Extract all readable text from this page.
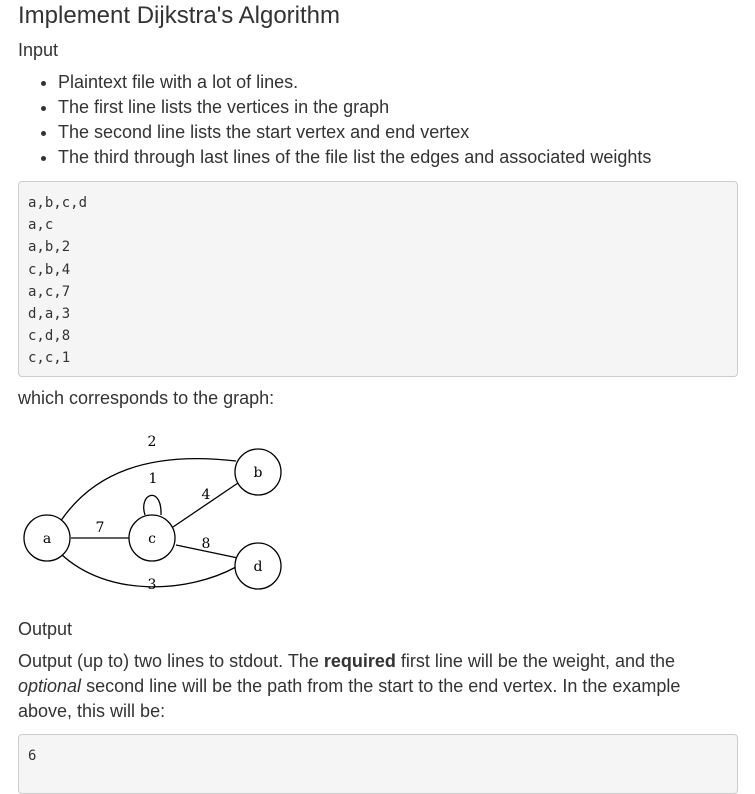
Implement Dijkstra's Algorithm
Input
• Plaintext file with a lot of lines.
• The first line lists the vertices in the graph
• The second line lists the start vertex and end vertex
• The third through last lines of the file list the edges and associated weights
a,b,c,d
a,c
a,b,2
c,b,4
a,c,7
d,a,3
c,d,8
c,c,1

which corresponds to the graph:

a
b
c
d
2
4
7
3
8
1
Output

Output (up to) two lines to stdout. The required first line will be the weight, and the optional second line will be the path from the start to the end vertex. In the example above, this will be:

6
